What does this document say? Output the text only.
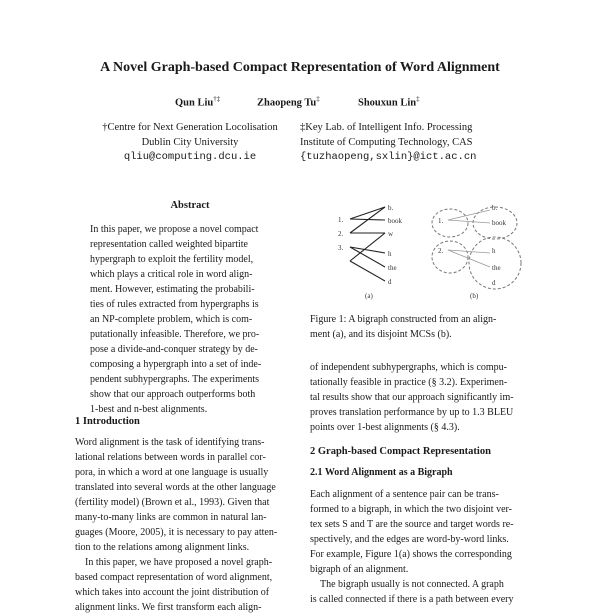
A Novel Graph-based Compact Representation of Word Alignment
Qun Liu†‡	Zhaopeng Tu‡	Shouxun Lin‡
†Centre for Next Generation Locolisation
Dublin City University
qliu@computing.dcu.ie
‡Key Lab. of Intelligent Info. Processing
Institute of Computing Technology, CAS
{tuzhaopeng,sxlin}@ict.ac.cn
Abstract
In this paper, we propose a novel compact
representation called weighted bipartite
hypergraph to exploit the fertility model,
which plays a critical role in word align-
ment. However, estimating the probabili-
ties of rules extracted from hypergraphs is
an NP-complete problem, which is com-
putationally infeasible. Therefore, we pro-
pose a divide-and-conquer strategy by de-
composing a hypergraph into a set of inde-
pendent subhypergraphs. The experiments
show that our approach outperforms both
1-best and n-best alignments.
1 Introduction
Word alignment is the task of identifying trans-
lational relations between words in parallel cor-
pora, in which a word at one language is usually
translated into several words at the other language
(fertility model) (Brown et al., 1993). Given that
many-to-many links are common in natural lan-
guages (Moore, 2005), it is necessary to pay atten-
tion to the relations among alignment links.
In this paper, we have proposed a novel graph-
based compact representation of word alignment,
which takes into account the joint distribution of
alignment links. We first transform each align-
1.
2.
3.
b.
book
w
h
the
d
(a)
1.
2.
b.
book
h
the
d
(b)
Figure 1: A bigraph constructed from an align-
ment (a), and its disjoint MCSs (b).
of independent subhypergraphs, which is compu-
tationally feasible in practice (§ 3.2). Experimen-
tal results show that our approach significantly im-
proves translation performance by up to 1.3 BLEU
points over 1-best alignments (§ 4.3).
2 Graph-based Compact Representation
2.1 Word Alignment as a Bigraph
Each alignment of a sentence pair can be trans-
formed to a bigraph, in which the two disjoint ver-
tex sets S and T are the source and target words re-
spectively, and the edges are word-by-word links.
For example, Figure 1(a) shows the corresponding
bigraph of an alignment.
The bigraph usually is not connected. A graph
is called connected if there is a path between every
